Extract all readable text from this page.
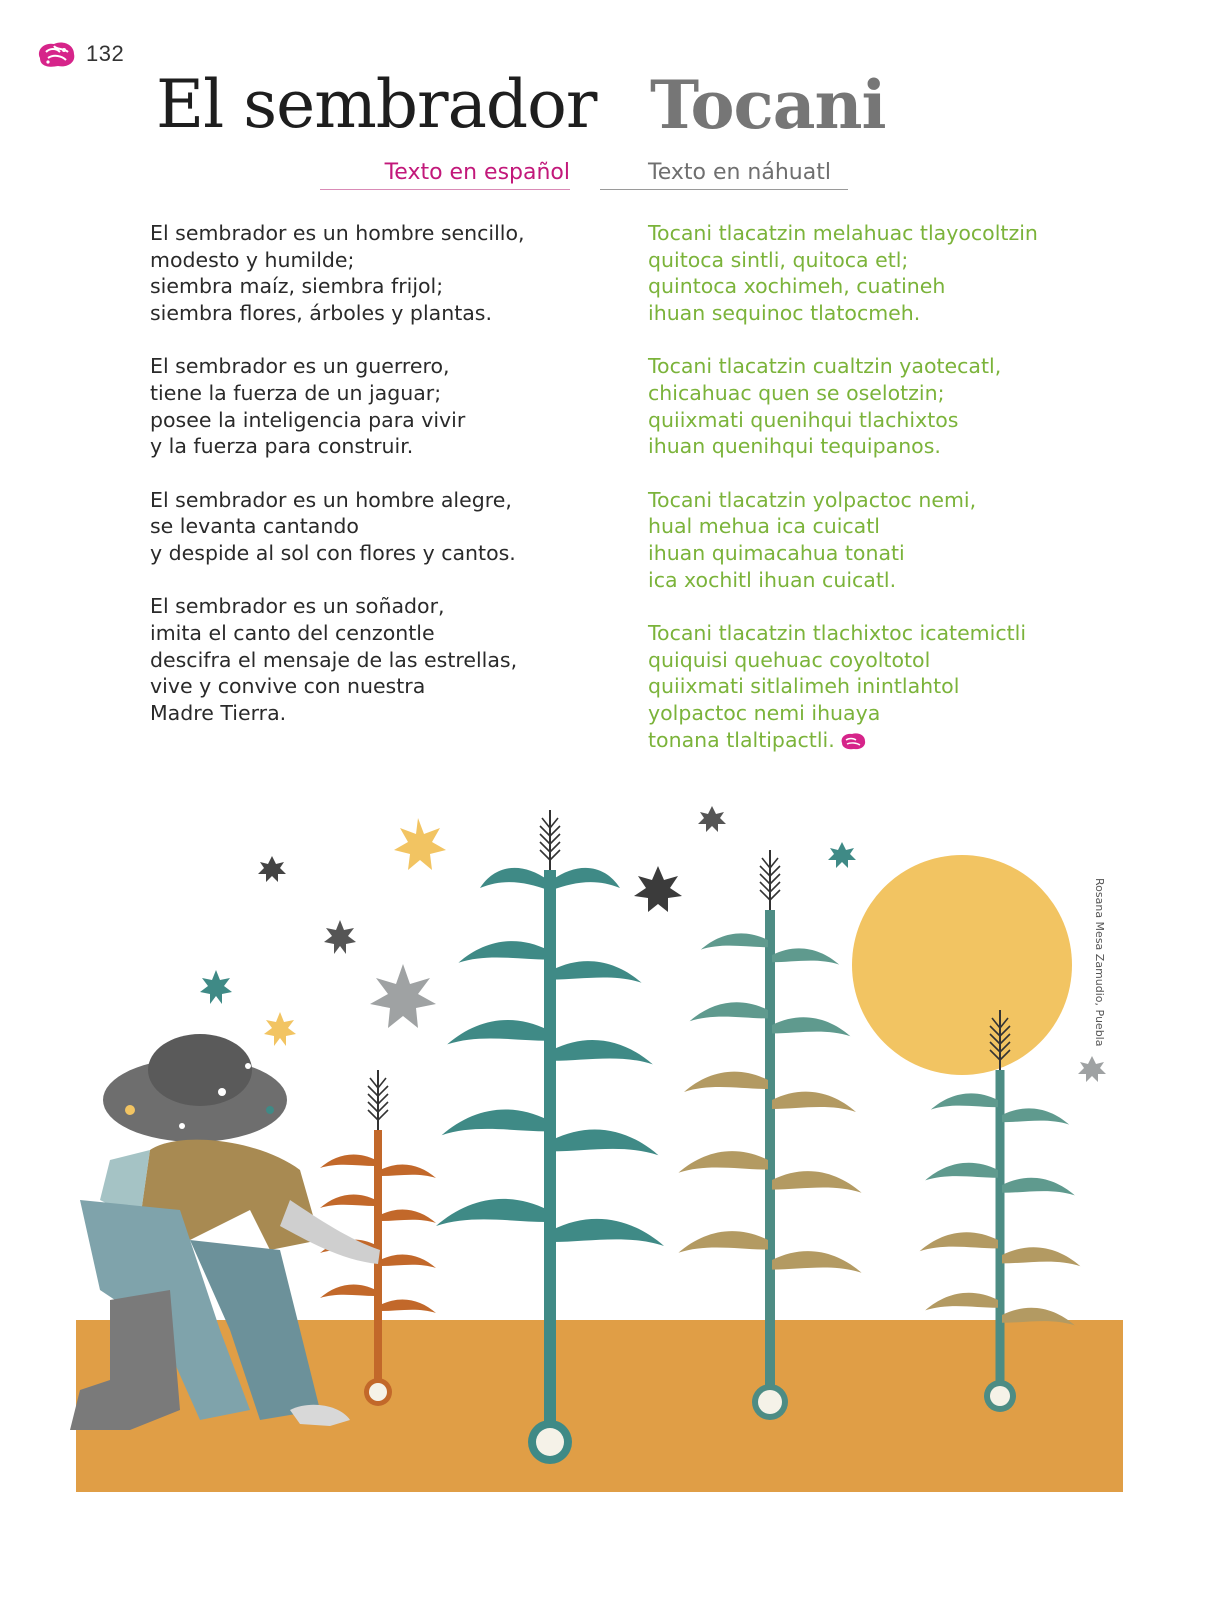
132
El sembrador Tocani
Texto en español	Texto en náhuatl
El sembrador es un hombre sencillo,
modesto y humilde;
siembra maíz, siembra frijol;
siembra flores, árboles y plantas.
El sembrador es un guerrero,
tiene la fuerza de un jaguar;
posee la inteligencia para vivir
y la fuerza para construir.
El sembrador es un hombre alegre,
se levanta cantando
y despide al sol con flores y cantos.
El sembrador es un soñador,
imita el canto del cenzontle
descifra el mensaje de las estrellas,
vive y convive con nuestra
Madre Tierra.
Tocani tlacatzin melahuac tlayocoltzin
quitoca sintli, quitoca etl;
quintoca xochimeh, cuatineh
ihuan sequinoc tlatocmeh.
Tocani tlacatzin cualtzin yaotecatl,
chicahuac quen se oselotzin;
quiixmati quenihqui tlachixtos
ihuan quenihqui tequipanos.
Tocani tlacatzin yolpactoc nemi,
hual mehua ica cuicatl
ihuan quimacahua tonati
ica xochitl ihuan cuicatl.
Tocani tlacatzin tlachixtoc icatemictli
quiquisi quehuac coyoltotol
quiixmati sitlalimeh inintlahtol
yolpactoc nemi ihuaya
tonana tlaltipactli.
Rosana Mesa Zamudio, Puebla
